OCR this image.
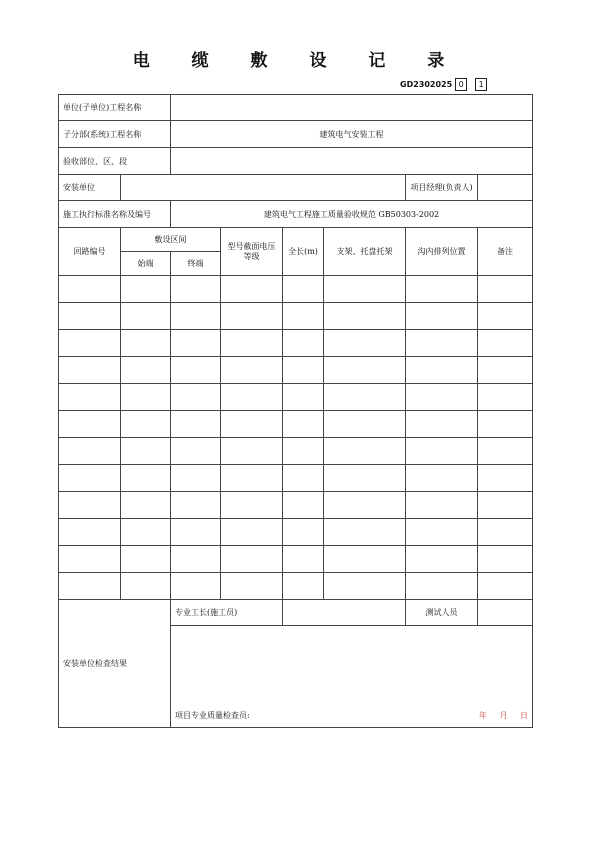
电 缆 敷 设 记 录
GD2302025 0	1
单位(子单位)工程名称							
子分部(系统)工程名称		建筑电气安装工程					
验收部位、区、段							
安装单位						项目经理(负责人)	
施工执行标准名称及编号		建筑电气工程施工质量验收规范 GB50303-2002					
回路编号	敷设区间		型号截面电压等级	全长(m)	支架、托盘托架	沟内排列位置	备注
	始端	终端					

安装单位检查结果		专业工长(施工员)				测试人员	

		项目专业质量检查员: 年 月 日					
